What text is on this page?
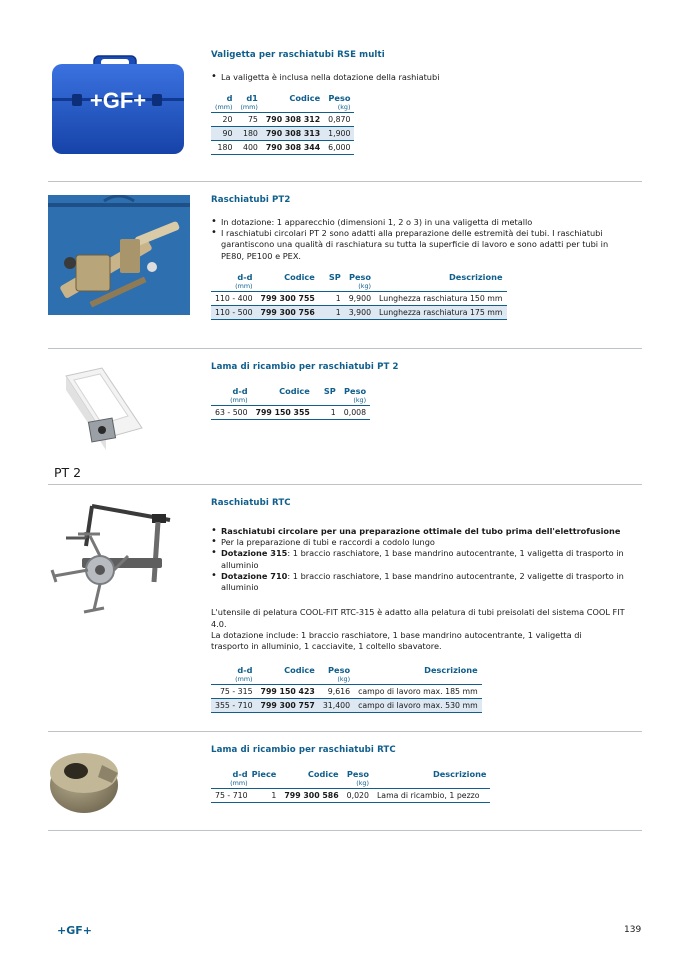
+GF+
Valigetta per raschiatubi RSE multi
• La valigetta è inclusa nella dotazione della rashiatubi
d	d1	Codice	Peso
(mm)	(mm)		(kg)
20	75	790 308 312	0,870
90	180	790 308 313	1,900
180	400	790 308 344	6,000
Raschiatubi PT2
• In dotazione: 1 apparecchio (dimensioni 1, 2 o 3) in una valigetta di metallo
• I raschiatubi circolari PT 2 sono adatti alla preparazione delle estremità dei tubi. I raschiatubi garantiscono una qualità di raschiatura su tutta la superficie di lavoro e sono adatti per tubi in PE80, PE100 e PEX.
d-d	Codice	SP	Peso	Descrizione
(mm)			(kg)	
110 - 400	799 300 755	1	9,900	Lunghezza raschiatura 150 mm
110 - 500	799 300 756	1	3,900	Lunghezza raschiatura 175 mm
PT 2
Lama di ricambio per raschiatubi PT 2
d-d	Codice	SP	Peso
(mm)			(kg)
63 - 500	799 150 355	1	0,008
Raschiatubi RTC
• Raschiatubi circolare per una preparazione ottimale del tubo prima dell'elettrofusione
• Per la preparazione di tubi e raccordi a codolo lungo
• Dotazione 315: 1 braccio raschiatore, 1 base mandrino autocentrante, 1 valigetta di trasporto in alluminio
• Dotazione 710: 1 braccio raschiatore, 1 base mandrino autocentrante, 2 valigette di trasporto in alluminio
L'utensile di pelatura COOL-FIT RTC-315 è adatto alla pelatura di tubi preisolati del sistema COOL FIT 4.0.
La dotazione include: 1 braccio raschiatore, 1 base mandrino autocentrante, 1 valigetta di trasporto in alluminio, 1 cacciavite, 1 coltello sbavatore.
d-d	Codice	Peso	Descrizione
(mm)		(kg)	
75 - 315	799 150 423	9,616	campo di lavoro max. 185 mm
355 - 710	799 300 757	31,400	campo di lavoro max. 530 mm
Lama di ricambio per raschiatubi RTC
d-d	Piece	Codice	Peso	Descrizione
(mm)			(kg)	
75 - 710	1	799 300 586	0,020	Lama di ricambio, 1 pezzo
+GF+	139
